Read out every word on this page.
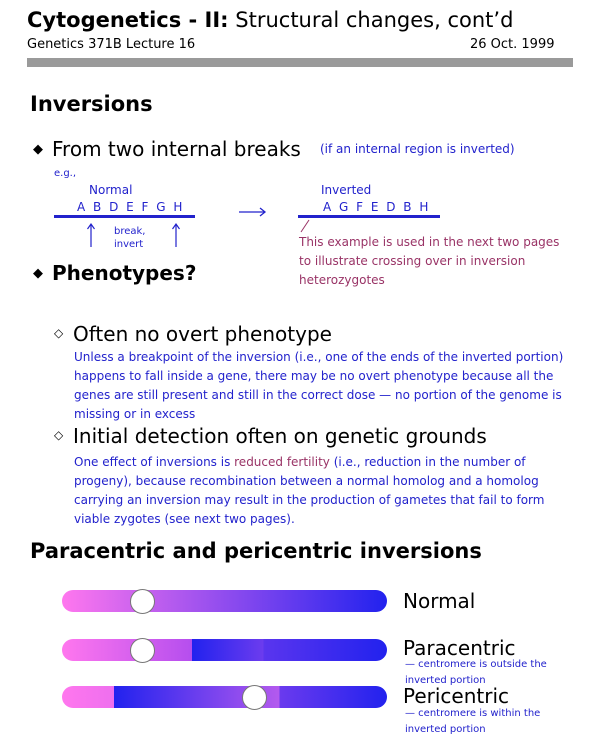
Cytogenetics - II: Structural changes, cont’d
Genetics 371B Lecture 16	26 Oct. 1999
Inversions
◆ From two internal breaks (if an internal region is inverted)
e.g.,
Normal
A B D E F G H
Inverted
A G F E D B H
break, invert	This example is used in the next two pages to illustrate crossing over in inversion heterozygotes
◆ Phenotypes?
◇ Often no overt phenotype
Unless a breakpoint of the inversion (i.e., one of the ends of the inverted portion) happens to fall inside a gene, there may be no overt phenotype because all the genes are still present and still in the correct dose — no portion of the genome is missing or in excess
◇ Initial detection often on genetic grounds
One effect of inversions is reduced fertility (i.e., reduction in the number of progeny), because recombination between a normal homolog and a homolog carrying an inversion may result in the production of gametes that fail to form viable zygotes (see next two pages).
Paracentric and pericentric inversions
Normal
Paracentric
— centromere is outside the inverted portion
Pericentric
— centromere is within the inverted portion
